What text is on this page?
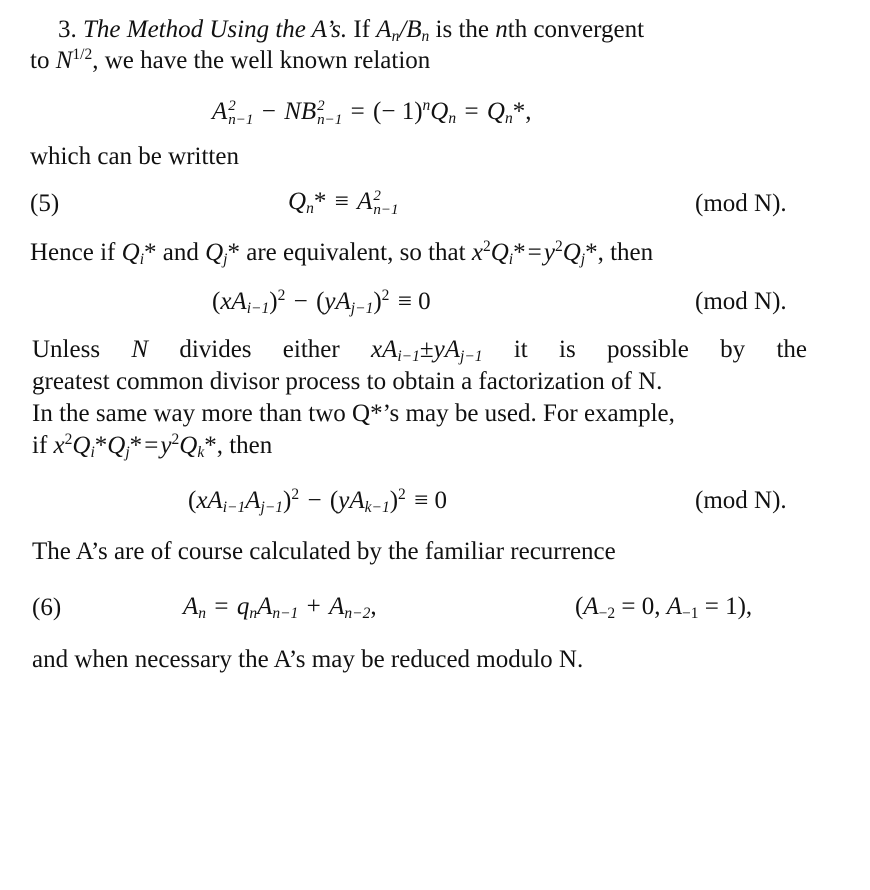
3. The Method Using the A’s. If $A_n/B_n$ is the nth convergent
to $N^{1/2}$, we have the well known relation
A 2
n−1  −  NB 2
n−1  =  (− $1)^nQ_n$  =  $Q_n*$,
which can be written
(5)	$Q_n*$  ≡  A 2
n−1	(mod N).
Hence if $Q_i*$ and $Q_j*$ are equivalent, so that $x^2Q_i*$ = $y^2Q_j*$, then
$(xA_{i-1})^2$  −  $(yA_{j-1})^2$  ≡ 0	(mod N).
Unless N divides either $xA_{i-1}\pm yA_{j-1}$ it is possible by the
greatest common divisor process to obtain a factorization of N.
In the same way more than two Q*’s may be used. For example,
if $x^2Q_i*Q_j*$ = $y^2Q_k*$, then
$(xA_{i-1}A_{j-1})^2$  −  $(yA_{k-1})^2$  ≡ 0	(mod N).
The A’s are of course calculated by the familiar recurrence
(6)	$A_n$  =  $q_nA_{n-1}$  +  $A_{n-2}$,	($A_{-2} = 0$, $A_{-1} = 1$),
and when necessary the A’s may be reduced modulo N.
